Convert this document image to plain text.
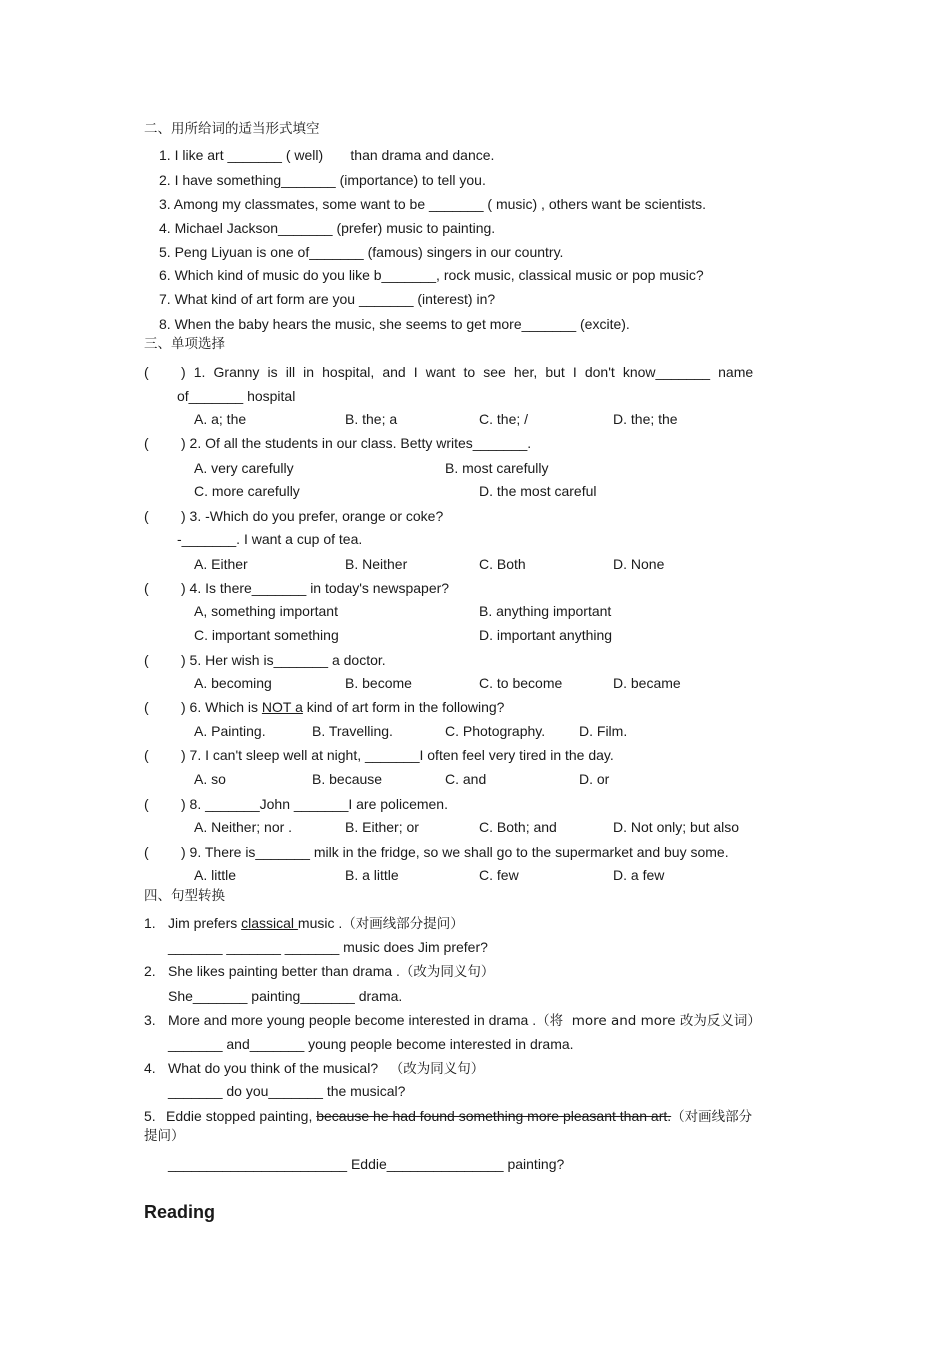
二、用所给词的适当形式填空
1. I like art _______ ( well)       than drama and dance.
2. I have something_______ (importance) to tell you.
3. Among my classmates, some want to be _______ ( music) , others want be scientists.
4. Michael Jackson_______ (prefer) music to painting.
5. Peng Liyuan is one of_______ (famous) singers in our country.
6. Which kind of music do you like b_______, rock music, classical music or pop music?
7. What kind of art form are you _______ (interest) in?
8. When the baby hears the music, she seems to get more_______ (excite).
三、单项选择
( ) 1. Granny is ill in hospital, and I want to see her, but I don't know_______ name
of_______ hospital
A. a; the	B. the; a	C. the; /	D. the; the
( ) 2. Of all the students in our class. Betty writes_______.
A. very carefully	B. most carefully
C. more carefully	D. the most careful
( ) 3. -Which do you prefer, orange or coke?
-_______. I want a cup of tea.
A. Either	B. Neither	C. Both	D. None
( ) 4. Is there_______ in today's newspaper?
A, something important	B. anything important
C. important something	D. important anything
( ) 5. Her wish is_______ a doctor.
A. becoming	B. become	C. to become	D. became
( ) 6. Which is NOT a kind of art form in the following?
A. Painting.	B. Travelling.	C. Photography. D. Film.
( ) 7. I can't sleep well at night, _______I often feel very tired in the day.
A. so	B. because	C. and	D. or
( ) 8. _______John _______I are policemen.
A. Neither; nor .	B. Either; or	C. Both; and	D. Not only; but also
( ) 9. There is_______ milk in the fridge, so we shall go to the supermarket and buy some.
A. little	B. a little	C. few	D. a few
四、句型转换
1. Jim prefers classical music .（对画线部分提问）
_______ _______ _______ music does Jim prefer?
2. She likes painting better than drama .（改为同义句）
She_______ painting_______ drama.
3. More and more young people become interested in drama .（将  more and more 改为反义词）
_______ and_______ young people become interested in drama.
4. What do you think of the musical? （改为同义句）
_______ do you_______ the musical?
5. Eddie stopped painting, because he had found something more pleasant than art.（对画线部分
提问）
_______________________ Eddie_______________ painting?
Reading
